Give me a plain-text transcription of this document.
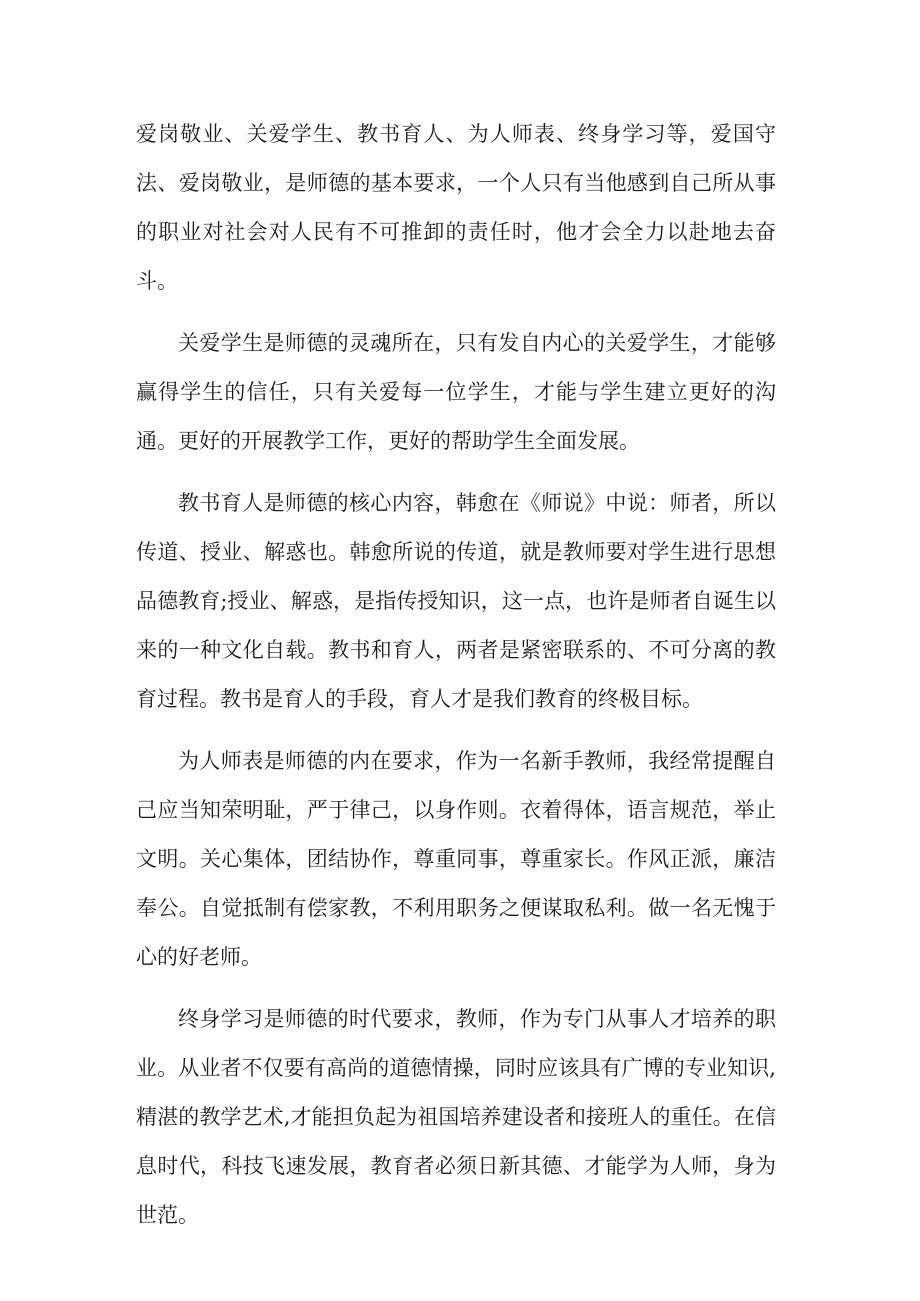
爱岗敬业、关爱学生、教书育人、为人师表、终身学习等，爱国守法、爱岗敬业，是师德的基本要求，一个人只有当他感到自己所从事的职业对社会对人民有不可推卸的责任时，他才会全力以赴地去奋斗。

关爱学生是师德的灵魂所在，只有发自内心的关爱学生，才能够赢得学生的信任，只有关爱每一位学生，才能与学生建立更好的沟通。更好的开展教学工作，更好的帮助学生全面发展。

教书育人是师德的核心内容，韩愈在《师说》中说：师者，所以传道、授业、解惑也。韩愈所说的传道，就是教师要对学生进行思想品德教育;授业、解惑，是指传授知识，这一点，也许是师者自诞生以来的一种文化自载。教书和育人，两者是紧密联系的、不可分离的教育过程。教书是育人的手段，育人才是我们教育的终极目标。

为人师表是师德的内在要求，作为一名新手教师，我经常提醒自己应当知荣明耻，严于律己，以身作则。衣着得体，语言规范，举止文明。关心集体，团结协作，尊重同事，尊重家长。作风正派，廉洁奉公。自觉抵制有偿家教，不利用职务之便谋取私利。做一名无愧于心的好老师。

终身学习是师德的时代要求，教师，作为专门从事人才培养的职业。从业者不仅要有高尚的道德情操，同时应该具有广博的专业知识,精湛的教学艺术,才能担负起为祖国培养建设者和接班人的重任。在信息时代，科技飞速发展，教育者必须日新其德、才能学为人师，身为世范。
